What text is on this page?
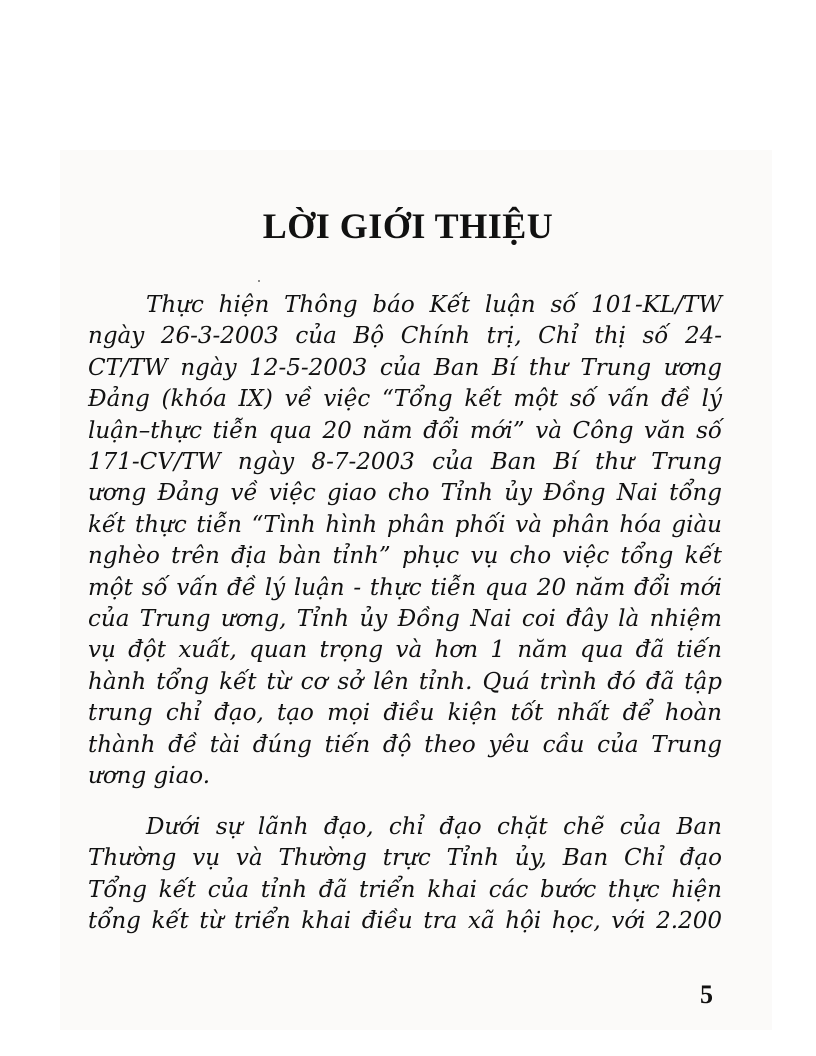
LỜI GIỚI THIỆU
Thực hiện Thông báo Kết luận số 101-KL/TW
ngày 26-3-2003 của Bộ Chính trị, Chỉ thị số 24-
CT/TW ngày 12-5-2003 của Ban Bí thư Trung ương
Đảng (khóa IX) về việc “Tổng kết một số vấn đề lý
luận–thực tiễn qua 20 năm đổi mới” và Công văn số
171-CV/TW ngày 8-7-2003 của Ban Bí thư Trung
ương Đảng về việc giao cho Tỉnh ủy Đồng Nai tổng
kết thực tiễn “Tình hình phân phối và phân hóa giàu
nghèo trên địa bàn tỉnh” phục vụ cho việc tổng kết
một số vấn đề lý luận - thực tiễn qua 20 năm đổi mới
của Trung ương, Tỉnh ủy Đồng Nai coi đây là nhiệm
vụ đột xuất, quan trọng và hơn 1 năm qua đã tiến
hành tổng kết từ cơ sở lên tỉnh. Quá trình đó đã tập
trung chỉ đạo, tạo mọi điều kiện tốt nhất để hoàn
thành đề tài đúng tiến độ theo yêu cầu của Trung
ương giao.
Dưới sự lãnh đạo, chỉ đạo chặt chẽ của Ban
Thường vụ và Thường trực Tỉnh ủy, Ban Chỉ đạo
Tổng kết của tỉnh đã triển khai các bước thực hiện
tổng kết từ triển khai điều tra xã hội học, với 2.200
5
